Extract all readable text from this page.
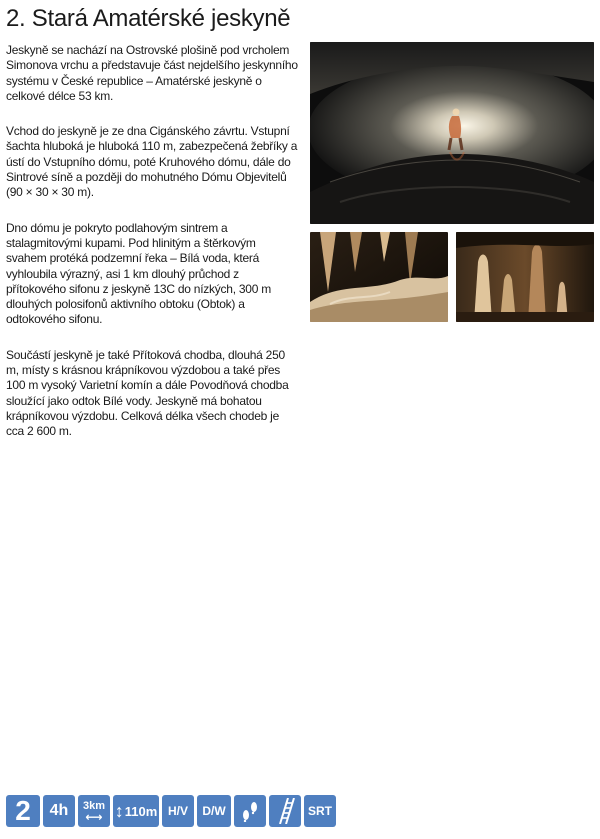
2. Stará Amatérské jeskyně

Jeskyně se nachází na Ostrovské plošině pod vrcholem Simonova vrchu a představuje část nejdelšího jeskynního systému v České republice – Amatérské jeskyně o celkové délce 53 km.

Vchod do jeskyně je ze dna Cigánského závrtu. Vstupní šachta hluboká je hluboká 110 m, zabezpečená žebříky a ústí do Vstupního dómu, poté Kruhového dómu, dále do Sintrové síně a později do mohutného Dómu Objevitelů (90 × 30 × 30 m).

Dno dómu je pokryto podlahovým sintrem a stalagmitovými kupami. Pod hlinitým a štěrkovým svahem protéká podzemní řeka – Bílá voda, která vyhloubila výrazný, asi 1 km dlouhý průchod z přítokového sifonu z jeskyně 13C do nízkých, 300 m dlouhých polosifonů aktivního obtoku (Obtok) a odtokového sifonu.

Součástí jeskyně je také Přítoková chodba, dlouhá 250 m, místy s krásnou krápníkovou výzdobou a také přes 100 m vysoký Varietní komín a dále Povodňová chodba sloužící jako odtok Bílé vody. Jeskyně má bohatou krápníkovou výzdobu. Celková délka všech chodeb je cca 2 600 m.

2	4h	3km
⟷ ↕ 110m H/V	D/W	SRT
